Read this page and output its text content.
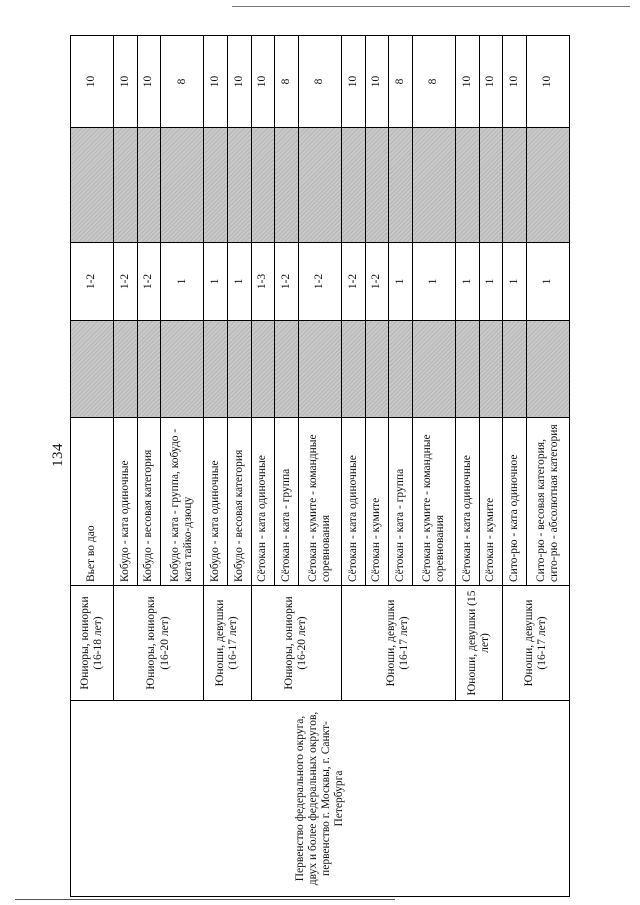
134
Первенство федерального округа, двух и более федеральных округов, первенство г. Москвы, г. Санкт-Петербурга	Юниоры, юниорки (16-18 лет)	Вьет во дао		1-2		10
	Юниоры, юниорки (16-20 лет)	Кобудо - ката одиночные		1-2		10
		Кобудо - весовая категория		1-2		10
		Кобудо - ката - группа, кобудо - ката тайко-дзюцу		1		8
	Юноши, девушки (16-17 лет)	Кобудо - ката одиночные		1		10
		Кобудо - весовая категория		1		10
	Юниоры, юниорки (16-20 лет)	Сётокан - ката одиночные		1-3		10
		Сётокан - ката - группа		1-2		8
		Сётокан - кумите - командные соревнования		1-2		8
	Юноши, девушки (16-17 лет)	Сётокан - ката одиночные		1-2		10
		Сётокан - кумите		1-2		10
		Сётокан - ката - группа		1		8
		Сётокан - кумите - командные соревнования		1		8
	Юноши, девушки (15 лет)	Сётокан - ката одиночные		1		10
		Сётокан - кумите		1		10
	Юноши, девушки (16-17 лет)	Сито-рю - ката одиночное		1		10
		Сито-рю - весовая категория, сито-рю - абсолютная категория		1		10
